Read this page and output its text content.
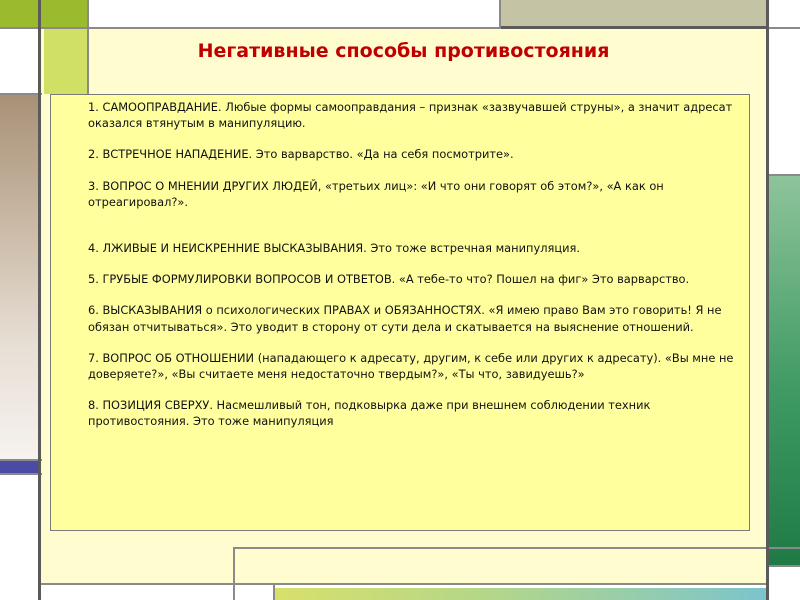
Негативные способы противостояния

1. САМООПРАВДАНИЕ. Любые формы самооправдания – признак «зазвучавшей струны», а значит адресат оказался втянутым в манипуляцию.

2. ВСТРЕЧНОЕ НАПАДЕНИЕ. Это варварство. «Да на себя посмотрите».

3. ВОПРОС О МНЕНИИ ДРУГИХ ЛЮДЕЙ, «третьих лиц»: «И что они говорят об этом?», «А как он отреагировал?».

4. ЛЖИВЫЕ И НЕИСКРЕННИЕ ВЫСКАЗЫВАНИЯ. Это тоже встречная манипуляция.

5. ГРУБЫЕ ФОРМУЛИРОВКИ ВОПРОСОВ И ОТВЕТОВ. «А тебе-то что? Пошел на фиг» Это варварство.

6. ВЫСКАЗЫВАНИЯ о психологических ПРАВАХ и ОБЯЗАННОСТЯХ. «Я имею право Вам это говорить! Я не обязан отчитываться». Это уводит в сторону от сути дела и скатывается на выяснение отношений.

7. ВОПРОС ОБ ОТНОШЕНИИ (нападающего к адресату, другим, к себе или других к адресату). «Вы мне не доверяете?», «Вы считаете меня недостаточно твердым?», «Ты что, завидуешь?»

8. ПОЗИЦИЯ СВЕРХУ. Насмешливый тон, подковырка даже при внешнем соблюдении техник противостояния. Это тоже манипуляция
